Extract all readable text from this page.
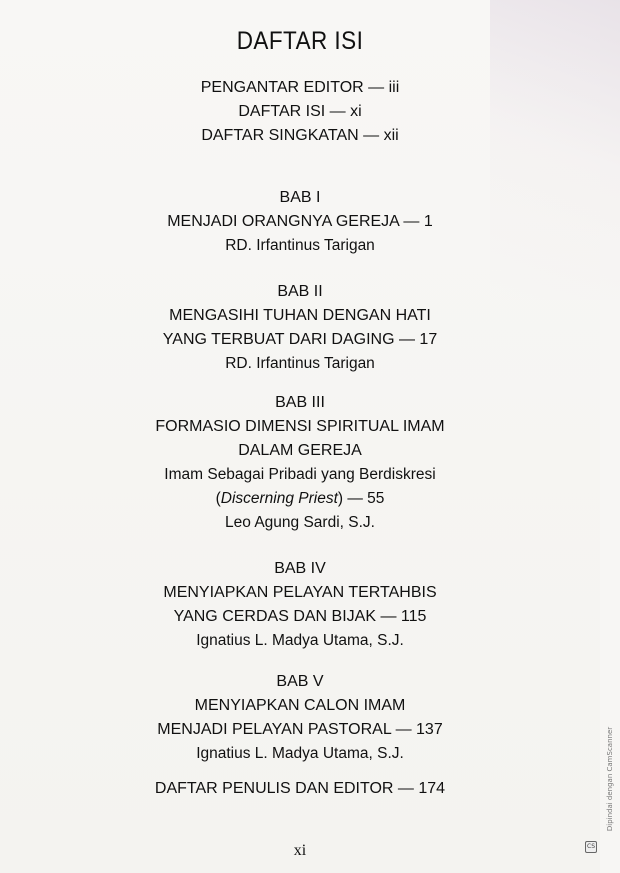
DAFTAR ISI
PENGANTAR EDITOR — iii
DAFTAR ISI — xi
DAFTAR SINGKATAN — xii
BAB I
MENJADI ORANGNYA GEREJA — 1
RD. Irfantinus Tarigan
BAB II
MENGASIHI TUHAN DENGAN HATI
YANG TERBUAT DARI DAGING — 17
RD. Irfantinus Tarigan
BAB III
FORMASIO DIMENSI SPIRITUAL IMAM
DALAM GEREJA
Imam Sebagai Pribadi yang Berdiskresi
(Discerning Priest) — 55
Leo Agung Sardi, S.J.
BAB IV
MENYIAPKAN PELAYAN TERTAHBIS
YANG CERDAS DAN BIJAK — 115
Ignatius L. Madya Utama, S.J.
BAB V
MENYIAPKAN CALON IMAM
MENJADI PELAYAN PASTORAL — 137
Ignatius L. Madya Utama, S.J.
DAFTAR PENULIS DAN EDITOR — 174
xi
Dipindai dengan CamScanner
CS
